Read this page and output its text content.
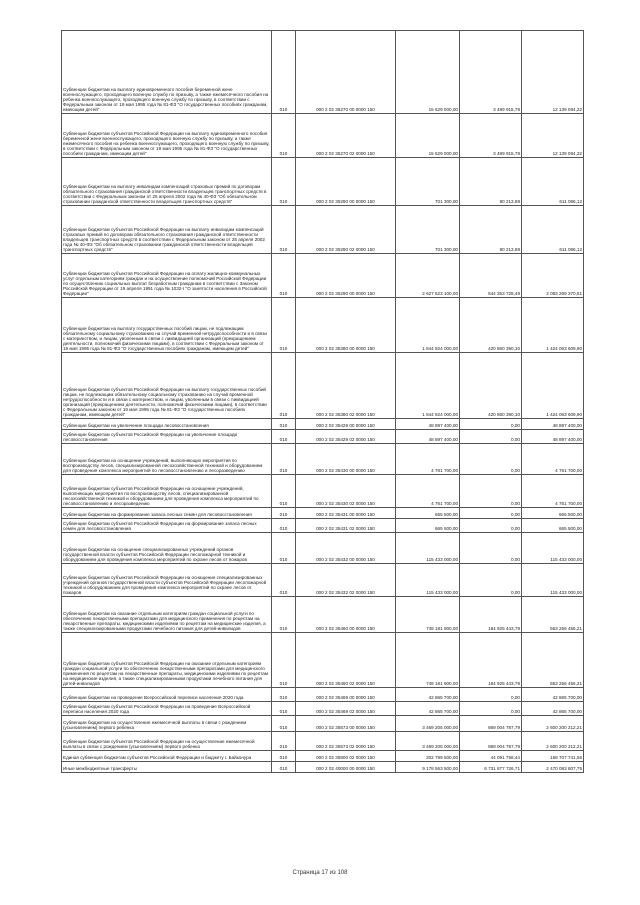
Субвенции бюджетам на выплату единовременного пособия беременной жене военнослужащего, проходящего военную службу по призыву, а также ежемесячного пособия на ребенка военнослужащего, проходящего военную службу по призыву, в соответствии с Федеральным законом от 19 мая 1995 года № 81-ФЗ "О государственных пособиях гражданам, имеющим детей"	010	000 2 02 35270 00 0000 150	15 629 000,00	3 489 915,78	12 139 084,22
Субвенции бюджетам субъектов Российской Федерации на выплату единовременного пособия беременной жене военнослужащего, проходящего военную службу по призыву, а также ежемесячного пособия на ребенка военнослужащего, проходящего военную службу по призыву, в соответствии с Федеральным законом от 19 мая 1995 года № 81-ФЗ "О государственных пособиях гражданам, имеющим детей"	010	000 2 02 35270 02 0000 150	15 629 000,00	3 489 915,78	12 139 084,22
Субвенции бюджетам на выплату инвалидам компенсаций страховых премий по договорам обязательного страхования гражданской ответственности владельцев транспортных средств в соответствии с Федеральным законом от 25 апреля 2002 года № 40-ФЗ "Об обязательном страховании гражданской ответственности владельцев транспортных средств"	010	000 2 02 35280 00 0000 150	701 300,00	90 213,88	611 086,12
Субвенции бюджетам субъектов Российской Федерации на выплату инвалидам компенсаций страховых премий по договорам обязательного страхования гражданской ответственности владельцев транспортных средств в соответствии с Федеральным законом от 25 апреля 2002 года № 40-ФЗ "Об обязательном страховании гражданской ответственности владельцев транспортных средств"	010	000 2 02 35280 02 0000 150	701 300,00	90 213,88	611 086,12
Субвенции бюджетам субъектов Российской Федерации на оплату жилищно-коммунальных услуг отдельным категориям граждан и на осуществление полномочий Российской Федерации по осуществлению социальных выплат безработным гражданам в соответствии с Законом Российской Федерации от 19 апреля 1991 года № 1032-I "О занятости населения в Российской Федерации"	010	000 2 02 35290 00 0000 150	2 627 623 100,00	544 353 728,49	2 083 269 370,51
Субвенции бюджетам на выплату государственных пособий лицам, не подлежащим обязательному социальному страхованию на случай временной нетрудоспособности и в связи с материнством, и лицам, уволенным в связи с ликвидацией организаций (прекращением деятельности, полномочий физическими лицами), в соответствии с Федеральным законом от 19 мая 1995 года № 81-ФЗ "О государственных пособиях гражданам, имеющим детей"	010	000 2 02 35380 00 0000 150	1 844 924 000,00	420 860 390,10	1 424 063 609,90
Субвенции бюджетам субъектов Российской Федерации на выплату государственных пособий лицам, не подлежащим обязательному социальному страхованию на случай временной нетрудоспособности и в связи с материнством, и лицам, уволенным в связи с ликвидацией организаций (прекращением деятельности, полномочий физическими лицами), в соответствии с Федеральным законом от 19 мая 1995 года № 81-ФЗ "О государственных пособиях гражданам, имеющим детей"	010	000 2 02 35380 02 0000 150	1 844 924 000,00	420 860 390,10	1 424 063 609,90
Субвенции бюджетам на увеличение площади лесовосстановления	010	000 2 02 35429 00 0000 150	48 897 400,00	0,00	48 897 400,00
Субвенции бюджетам субъектов Российской Федерации на увеличение площади лесовосстановления	010	000 2 02 35429 02 0000 150	48 897 400,00	0,00	48 897 400,00
Субвенции бюджетам на оснащение учреждений, выполняющих мероприятия по воспроизводству лесов, специализированной лесохозяйственной техникой и оборудованием для проведения комплекса мероприятий по лесовосстановлению и лесоразведению	010	000 2 02 35430 00 0000 150	4 761 700,00	0,00	4 761 700,00
Субвенции бюджетам субъектов Российской Федерации на оснащение учреждений, выполняющих мероприятия по воспроизводству лесов, специализированной лесохозяйственной техникой и оборудованием для проведения комплекса мероприятий по лесовосстановлению и лесоразведению	010	000 2 02 35430 02 0000 150	4 761 700,00	0,00	4 761 700,00
Субвенции бюджетам на формирование запаса лесных семян для лесовосстановления	010	000 2 02 35431 00 0000 150	665 500,00	0,00	665 500,00
Субвенции бюджетам субъектов Российской Федерации на формирование запаса лесных семян для лесовосстановления	010	000 2 02 35431 02 0000 150	665 500,00	0,00	665 500,00
Субвенции бюджетам на оснащение специализированных учреждений органов государственной власти субъектов Российской Федерации лесопожарной техникой и оборудованием для проведения комплекса мероприятий по охране лесов от пожаров	010	000 2 02 35432 00 0000 150	115 433 000,00	0,00	115 433 000,00
Субвенции бюджетам субъектов Российской Федерации на оснащение специализированных учреждений органов государственной власти субъектов Российской Федерации лесопожарной техникой и оборудованием для проведения комплекса мероприятий по охране лесов от пожаров	010	000 2 02 35432 02 0000 150	115 433 000,00	0,00	115 433 000,00
Субвенции бюджетам на оказание отдельным категориям граждан социальной услуги по обеспечению лекарственными препаратами для медицинского применения по рецептам на лекарственные препараты, медицинскими изделиями по рецептам на медицинские изделия, а также специализированными продуктами лечебного питания для детей-инвалидов	010	000 2 02 35460 00 0000 150	748 181 900,00	184 925 443,79	563 256 456,21
Субвенции бюджетам субъектов Российской Федерации на оказание отдельным категориям граждан социальной услуги по обеспечению лекарственными препаратами для медицинского применения по рецептам на лекарственные препараты, медицинскими изделиями по рецептам на медицинские изделия, а также специализированными продуктами лечебного питания для детей-инвалидов	010	000 2 02 35460 02 0000 150	748 181 900,00	184 925 443,79	563 256 456,21
Субвенции бюджетам на проведение Всероссийской переписи населения 2020 года	010	000 2 02 35469 00 0000 150	42 865 700,00	0,00	42 865 700,00
Субвенции бюджетам субъектов Российской Федерации на проведение Всероссийской переписи населения 2020 года	010	000 2 02 35469 02 0000 150	42 865 700,00	0,00	42 865 700,00
Субвенции бюджетам на осуществление ежемесячной выплаты в связи с рождением (усыновлением) первого ребенка	010	000 2 02 35573 00 0000 150	3 469 205 000,00	869 004 787,79	2 600 200 212,21
Субвенции бюджетам субъектов Российской Федерации на осуществление ежемесячной выплаты в связи с рождением (усыновлением) первого ребенка	010	000 2 02 35573 02 0000 150	3 469 205 000,00	869 004 787,79	2 600 200 212,21
Единая субвенция бюджетам субъектов Российской Федерации и бюджету г. Байконура	010	000 2 02 35900 02 0000 150	202 799 500,00	44 091 758,44	158 707 741,56
Иные межбюджетные трансферты	010	000 2 02 40000 00 0000 150	9 178 563 500,00	6 731 877 726,71	2 470 083 807,75
Страница 17 из 108
